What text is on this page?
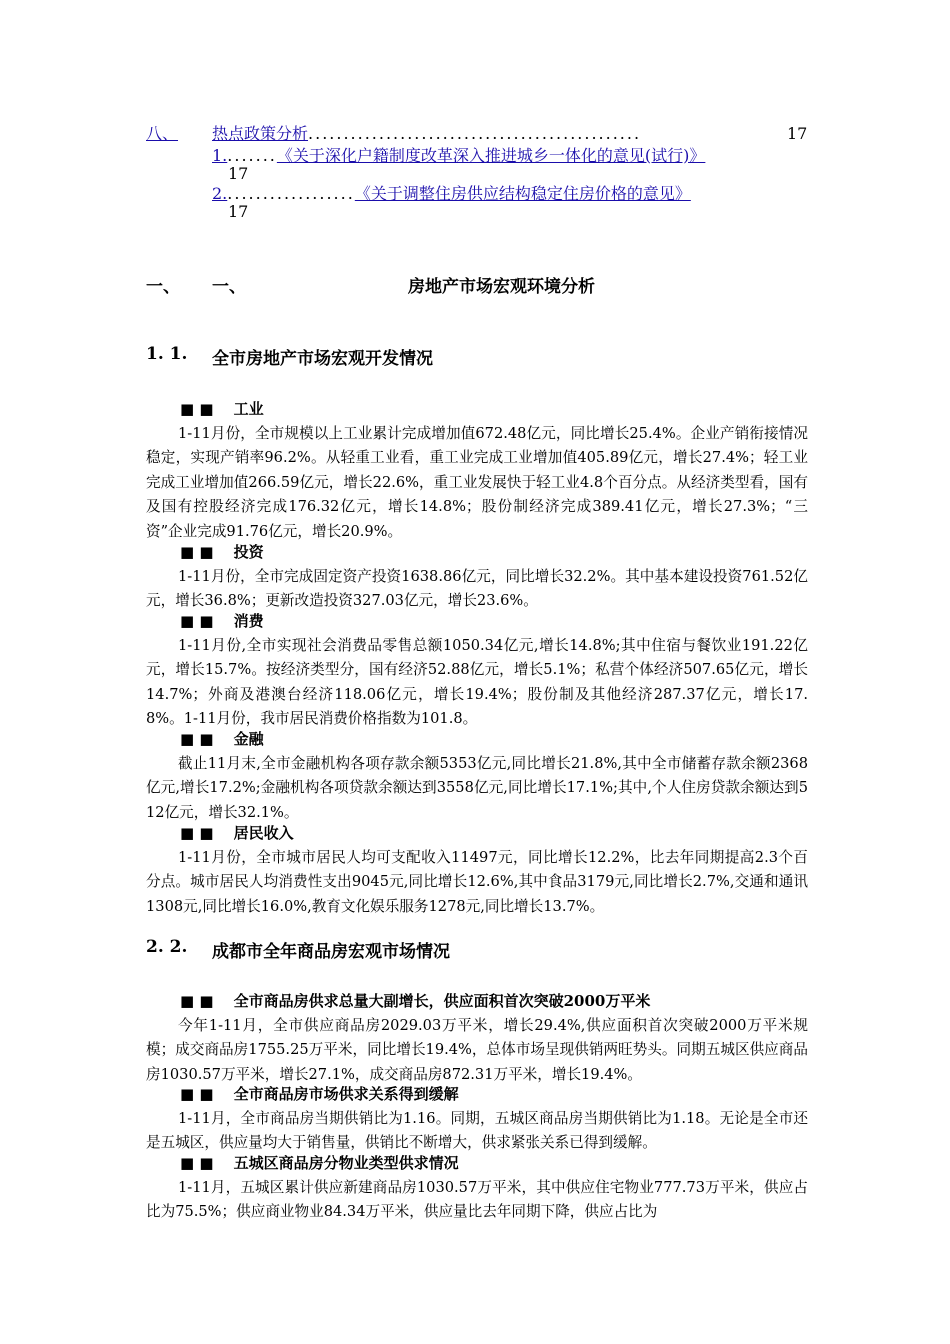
八、 热点政策分析...............................................	17
1........《关于深化户籍制度改革深入推进城乡一体化的意见(试行)》
17
2...................《关于调整住房供应结构稳定住房价格的意见》
17
一、 一、	房地产市场宏观环境分析
1. 1. 全市房地产市场宏观开发情况
■ ■ 工业

1-11月份，全市规模以上工业累计完成增加值672.48亿元，同比增长25.4%。企业产销衔接情况稳定，实现产销率96.2%。从轻重工业看，重工业完成工业增加值405.89亿元，增长27.4%；轻工业完成工业增加值266.59亿元，增长22.6%，重工业发展快于轻工业4.8个百分点。从经济类型看，国有及国有控股经济完成176.32亿元，增长14.8%；股份制经济完成389.41亿元，增长27.3%；“三资”企业完成91.76亿元，增长20.9%。

■ ■ 投资

1-11月份，全市完成固定资产投资1638.86亿元，同比增长32.2%。其中基本建设投资761.52亿元，增长36.8%；更新改造投资327.03亿元，增长23.6%。

■ ■ 消费

1-11月份,全市实现社会消费品零售总额1050.34亿元,增长14.8%;其中住宿与餐饮业191.22亿元，增长15.7%。按经济类型分，国有经济52.88亿元，增长5.1%；私营个体经济507.65亿元，增长14.7%；外商及港澳台经济118.06亿元，增长19.4%；股份制及其他经济287.37亿元，增长17.8%。1-11月份，我市居民消费价格指数为101.8。

■ ■ 金融

截止11月末,全市金融机构各项存款余额5353亿元,同比增长21.8%,其中全市储蓄存款余额2368亿元,增长17.2%;金融机构各项贷款余额达到3558亿元,同比增长17.1%;其中,个人住房贷款余额达到512亿元，增长32.1%。

■ ■ 居民收入

1-11月份，全市城市居民人均可支配收入11497元，同比增长12.2%，比去年同期提高2.3个百分点。城市居民人均消费性支出9045元,同比增长12.6%,其中食品3179元,同比增长2.7%,交通和通讯1308元,同比增长16.0%,教育文化娱乐服务1278元,同比增长13.7%。

2. 2. 成都市全年商品房宏观市场情况
■ ■ 全市商品房供求总量大副增长，供应面积首次突破2000万平米

今年1-11月，全市供应商品房2029.03万平米，增长29.4%,供应面积首次突破2000万平米规模；成交商品房1755.25万平米，同比增长19.4%，总体市场呈现供销两旺势头。同期五城区供应商品房1030.57万平米，增长27.1%，成交商品房872.31万平米，增长19.4%。

■ ■ 全市商品房市场供求关系得到缓解

1-11月，全市商品房当期供销比为1.16。同期，五城区商品房当期供销比为1.18。无论是全市还是五城区，供应量均大于销售量，供销比不断增大，供求紧张关系已得到缓解。

■ ■ 五城区商品房分物业类型供求情况

1-11月，五城区累计供应新建商品房1030.57万平米，其中供应住宅物业777.73万平米，供应占比为75.5%；供应商业物业84.34万平米，供应量比去年同期下降，供应占比为
